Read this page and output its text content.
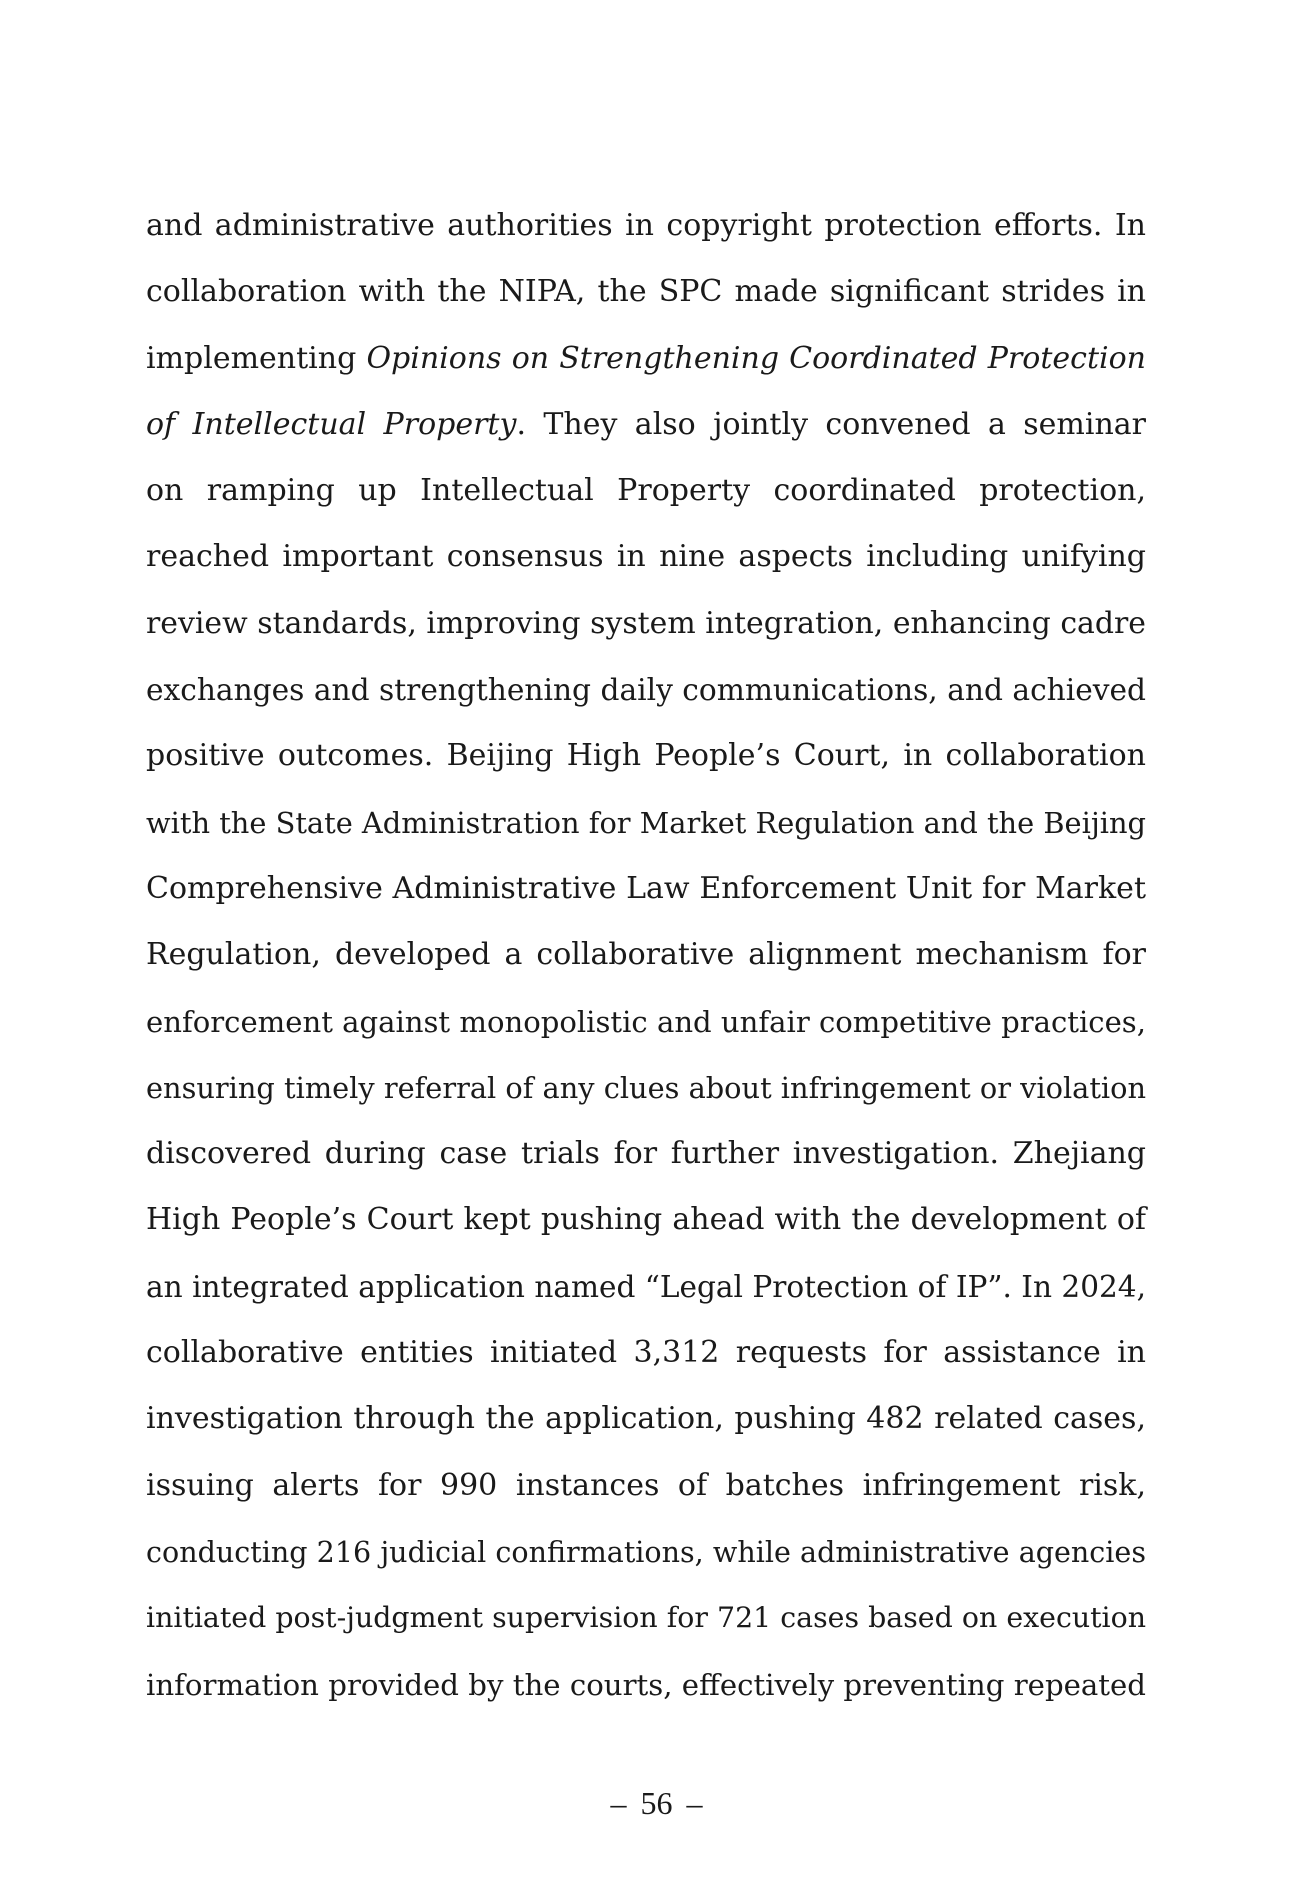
and administrative authorities in copyright protection efforts. In
collaboration with the NIPA, the SPC made significant strides in
implementing Opinions on Strengthening Coordinated Protection
of Intellectual Property. They also jointly convened a seminar
on ramping up Intellectual Property coordinated protection,
reached important consensus in nine aspects including unifying
review standards, improving system integration, enhancing cadre
exchanges and strengthening daily communications, and achieved
positive outcomes. Beijing High People’s Court, in collaboration
with the State Administration for Market Regulation and the Beijing
Comprehensive Administrative Law Enforcement Unit for Market
Regulation, developed a collaborative alignment mechanism for
enforcement against monopolistic and unfair competitive practices,
ensuring timely referral of any clues about infringement or violation
discovered during case trials for further investigation. Zhejiang
High People’s Court kept pushing ahead with the development of
an integrated application named “Legal Protection of IP”. In 2024,
collaborative entities initiated 3,312 requests for assistance in
investigation through the application, pushing 482 related cases,
issuing alerts for 990 instances of batches infringement risk,
conducting 216 judicial confirmations, while administrative agencies
initiated post-judgment supervision for 721 cases based on execution
information provided by the courts, effectively preventing repeated
– 56 –
